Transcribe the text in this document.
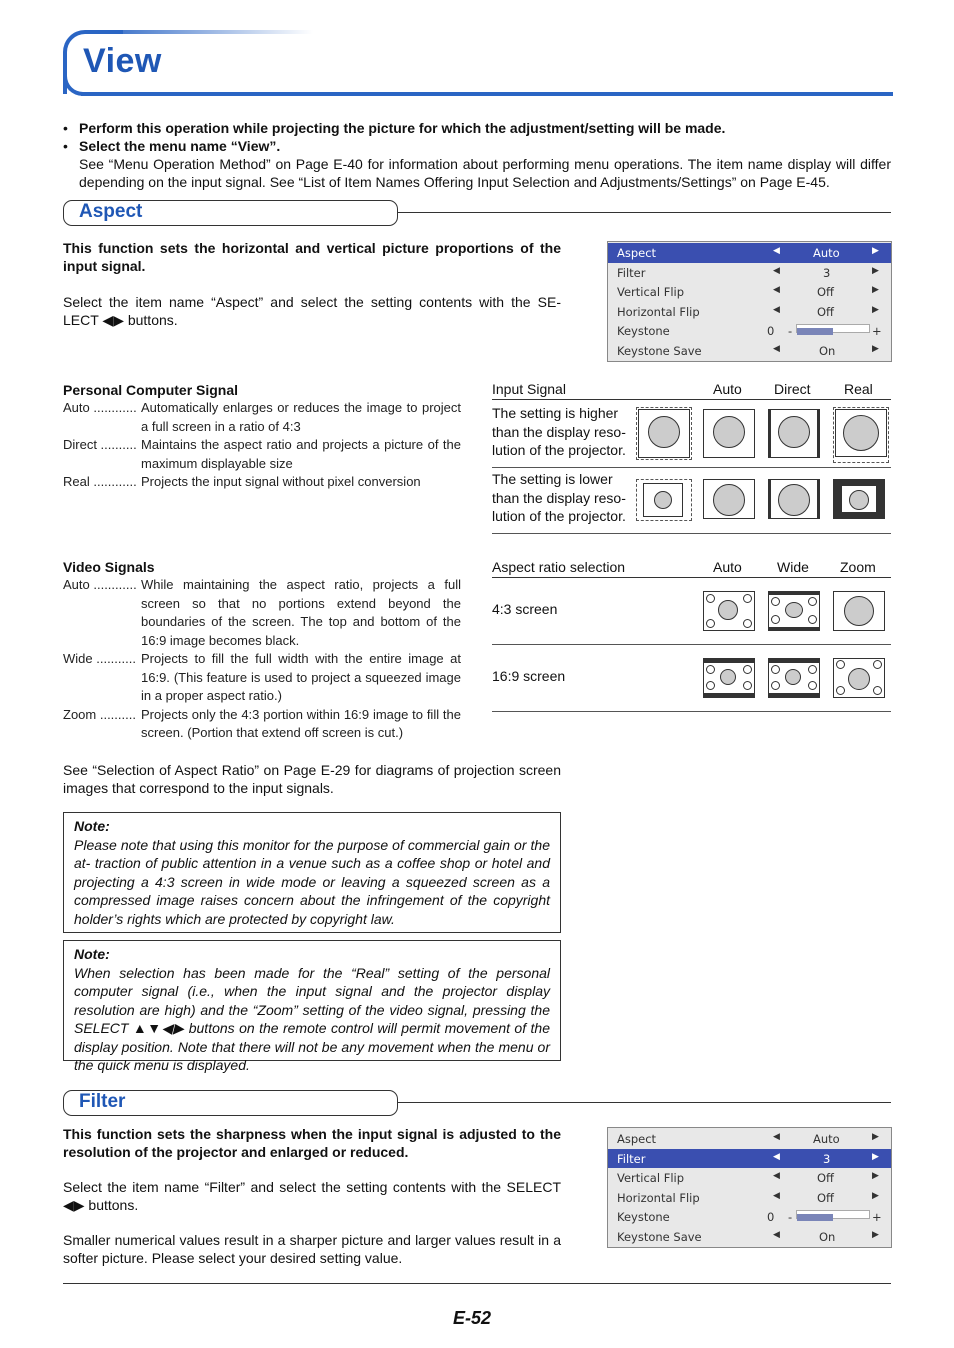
View
• Perform this operation while projecting the picture for which the adjustment/setting will be made.
• Select the menu name “View”.
See “Menu Operation Method” on Page E-40 for information about performing menu operations. The item name display will differ depending on the input signal. See “List of Item Names Offering Input Selection and Adjustments/Settings” on Page E-45.
Aspect
This function sets the horizontal and vertical picture proportions of the input signal.
Select the item name “Aspect” and select the setting contents with the SE- LECT ◀▶ buttons.
Aspect	◀	Auto	▶
Filter	◀	3	▶
Vertical Flip	◀	Off	▶
Horizontal Flip	◀	Off	▶
Keystone	0 -	+
Keystone Save	◀	On	▶
Personal Computer Signal
Auto ............ Automatically enlarges or reduces the image to project a full screen in a ratio of 4:3
Direct .......... Maintains the aspect ratio and projects a picture of the maximum displayable size
Real ............ Projects the input signal without pixel conversion
Input Signal	Auto Direct Real
The setting is higher than the display reso- lution of the projector.
The setting is lower than the display reso- lution of the projector.
Video Signals
Auto ............ While maintaining the aspect ratio, projects a full screen so that no portions extend beyond the boundaries of the screen. The top and bottom of the 16:9 image becomes black.
Wide ........... Projects to fill the full width with the entire image at 16:9. (This feature is used to project a squeezed image in a proper aspect ratio.)
Zoom .......... Projects only the 4:3 portion within 16:9 image to fill the screen. (Portion that extend off screen is cut.)
Aspect ratio selection	Auto	Wide Zoom
4:3 screen
16:9 screen
See “Selection of Aspect Ratio” on Page E-29 for diagrams of projection screen images that correspond to the input signals.
Note:
Please note that using this monitor for the purpose of commercial gain or the at- traction of public attention in a venue such as a coffee shop or hotel and projecting a 4:3 screen in wide mode or leaving a squeezed screen as a compressed image raises concern about the infringement of the copyright holder’s rights which are protected by copyright law.
Note:
When selection has been made for the “Real” setting of the personal computer signal (i.e., when the input signal and the projector display resolution are high) and the “Zoom” setting of the video signal, pressing the SELECT ▲▼◀▶ buttons on the remote control will permit movement of the display position. Note that there will not be any movement when the menu or the quick menu is displayed.
Filter
This function sets the sharpness when the input signal is adjusted to the resolution of the projector and enlarged or reduced.
Select the item name “Filter” and select the setting contents with the SELECT ◀▶ buttons.
Smaller numerical values result in a sharper picture and larger values result in a softer picture. Please select your desired setting value.
Aspect	◀	Auto	▶
Filter	◀	3	▶
Vertical Flip	◀	Off	▶
Horizontal Flip	◀	Off	▶
Keystone	0 -	+
Keystone Save	◀	On	▶
E-52
